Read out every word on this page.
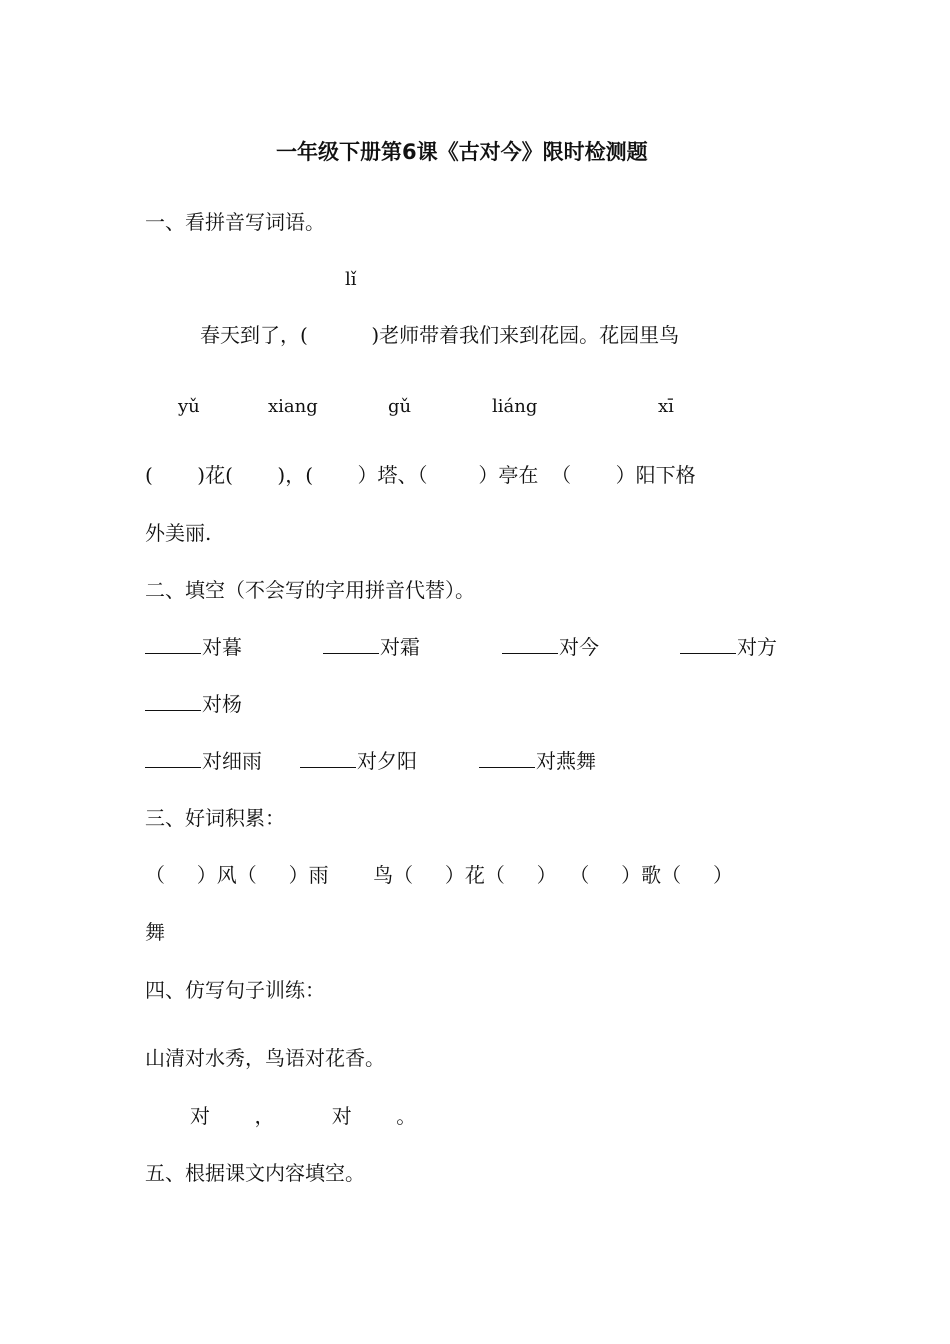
一年级下册第6课《古对今》限时检测题
一、看拼音写词语。
lǐ
春天到了，(          )老师带着我们来到花园。花园里鸟
yǔ	xiang	gǔ	liáng	xī
(       )花(       )，(       ）塔、（        ）亭在  （       ）阳下格
外美丽.
二、填空（不会写的字用拼音代替）。
对暮	对霜	对今	对方
对杨
对细雨	对夕阳	对燕舞
三、好词积累：
（     ）风（     ）雨       鸟（     ）花（     ）  （     ）歌（     ）
舞
四、仿写句子训练：
山清对水秀，鸟语对花香。
对       ，         对       。
五、根据课文内容填空。
